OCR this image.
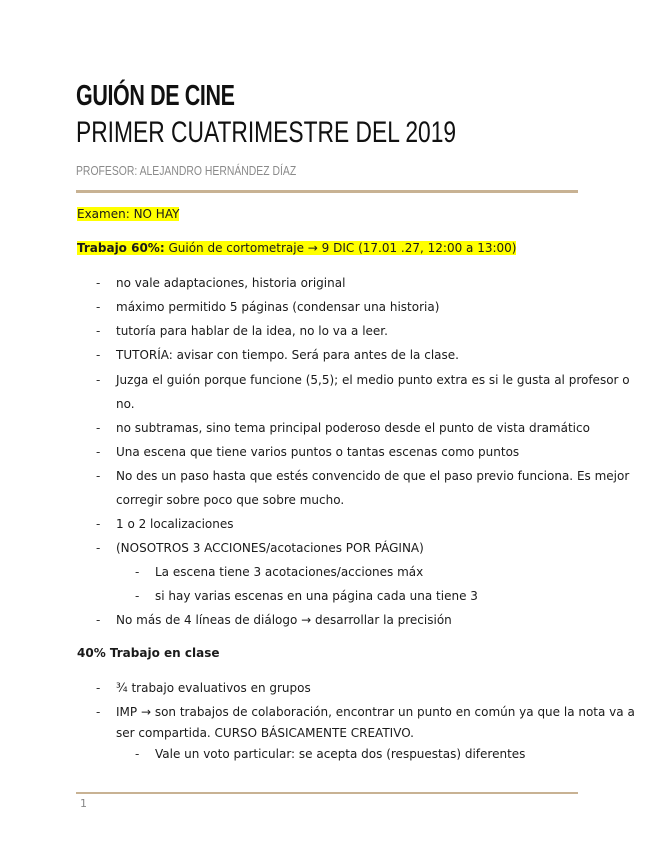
GUIÓN DE CINE
PRIMER CUATRIMESTRE DEL 2019
PROFESOR: ALEJANDRO HERNÁNDEZ DÍAZ
Examen: NO HAY
Trabajo 60%: Guión de cortometraje → 9 DIC (17.01 .27, 12:00 a 13:00)
- no vale adaptaciones, historia original
- máximo permitido 5 páginas (condensar una historia)
- tutoría para hablar de la idea, no lo va a leer.
- TUTORÍA: avisar con tiempo. Será para antes de la clase.
- Juzga el guión porque funcione (5,5); el medio punto extra es si le gusta al profesor o
no.
- no subtramas, sino tema principal poderoso desde el punto de vista dramático
- Una escena que tiene varios puntos o tantas escenas como puntos
- No des un paso hasta que estés convencido de que el paso previo funciona. Es mejor
corregir sobre poco que sobre mucho.
- 1 o 2 localizaciones
- (NOSOTROS 3 ACCIONES/acotaciones POR PÁGINA)
- La escena tiene 3 acotaciones/acciones máx
- si hay varias escenas en una página cada una tiene 3
- No más de 4 líneas de diálogo → desarrollar la precisión
40% Trabajo en clase
- ¾ trabajo evaluativos en grupos
- IMP → son trabajos de colaboración, encontrar un punto en común ya que la nota va a
ser compartida. CURSO BÁSICAMENTE CREATIVO.
- Vale un voto particular: se acepta dos (respuestas) diferentes
1
